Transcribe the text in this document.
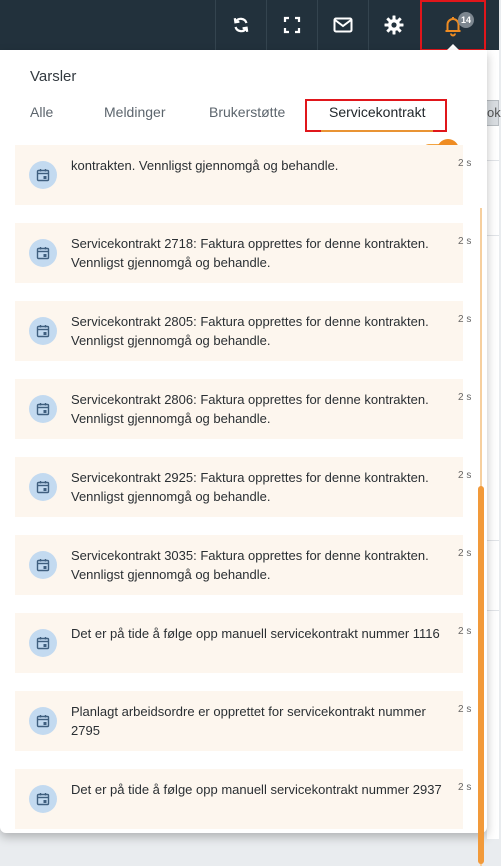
14
ok
Varsler
Alle	Meldinger	Brukerstøtte	Servicekontrakt
kontrakten. Vennligst gjennomgå og behandle.	2 s
Servicekontrakt 2718: Faktura opprettes for denne kontrakten. Vennligst gjennomgå og behandle.
2 s
Servicekontrakt 2805: Faktura opprettes for denne kontrakten. Vennligst gjennomgå og behandle.
2 s
Servicekontrakt 2806: Faktura opprettes for denne kontrakten. Vennligst gjennomgå og behandle.
2 s
Servicekontrakt 2925: Faktura opprettes for denne kontrakten. Vennligst gjennomgå og behandle.
2 s
Servicekontrakt 3035: Faktura opprettes for denne kontrakten. Vennligst gjennomgå og behandle.
2 s
Det er på tide å følge opp manuell servicekontrakt nummer 1116	2 s
Planlagt arbeidsordre er opprettet for servicekontrakt nummer 2795
2 s
Det er på tide å følge opp manuell servicekontrakt nummer 2937	2 s
